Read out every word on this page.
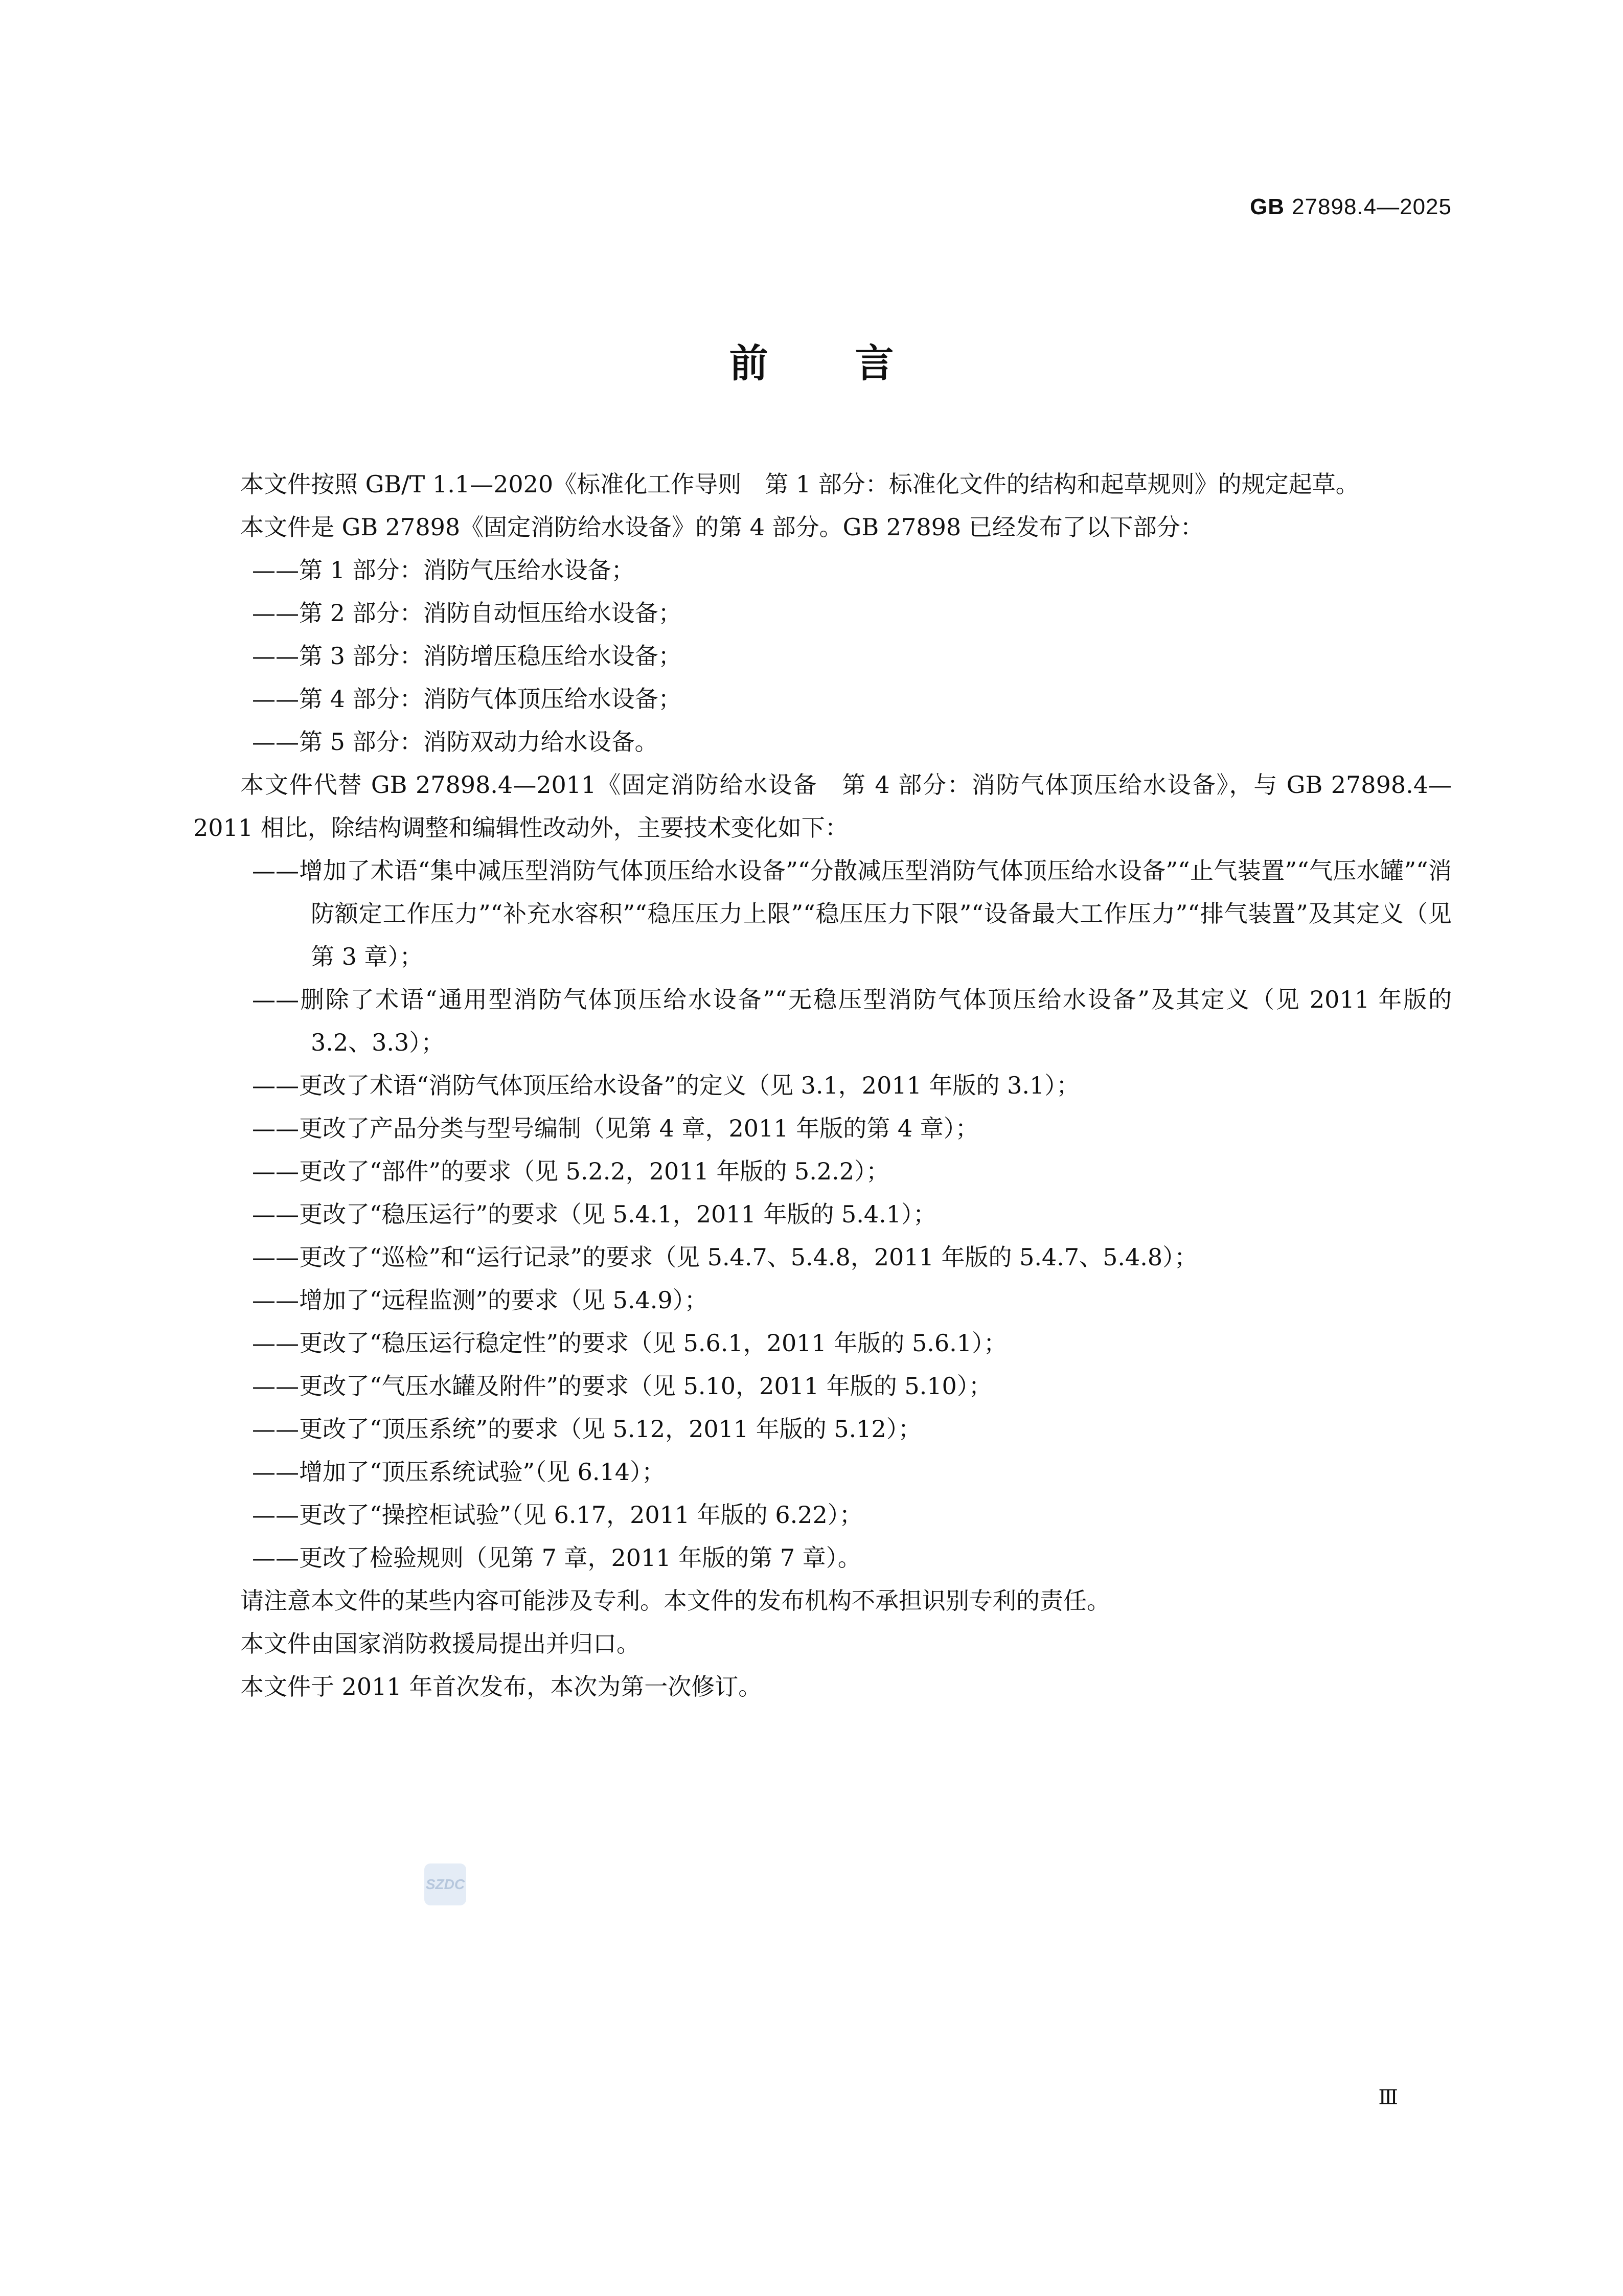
GB 27898.4—2025
前 言

本文件按照 GB/T 1.1—2020《标准化工作导则　第 1 部分：标准化文件的结构和起草规则》的规定起草。

本文件是 GB 27898《固定消防给水设备》的第 4 部分。GB 27898 已经发布了以下部分：

——第 1 部分：消防气压给水设备；

——第 2 部分：消防自动恒压给水设备；

——第 3 部分：消防增压稳压给水设备；

——第 4 部分：消防气体顶压给水设备；

——第 5 部分：消防双动力给水设备。

本文件代替 GB 27898.4—2011《固定消防给水设备　第 4 部分：消防气体顶压给水设备》，与 GB 27898.4—2011 相比，除结构调整和编辑性改动外，主要技术变化如下：

——增加了术语“集中减压型消防气体顶压给水设备”“分散减压型消防气体顶压给水设备”“止气装置”“气压水罐”“消防额定工作压力”“补充水容积”“稳压压力上限”“稳压压力下限”“设备最大工作压力”“排气装置”及其定义（见第 3 章）；

——删除了术语“通用型消防气体顶压给水设备”“无稳压型消防气体顶压给水设备”及其定义（见 2011 年版的 3.2、3.3）；

——更改了术语“消防气体顶压给水设备”的定义（见 3.1，2011 年版的 3.1）；

——更改了产品分类与型号编制（见第 4 章，2011 年版的第 4 章）；

——更改了“部件”的要求（见 5.2.2，2011 年版的 5.2.2）；

——更改了“稳压运行”的要求（见 5.4.1，2011 年版的 5.4.1）；

——更改了“巡检”和“运行记录”的要求（见 5.4.7、5.4.8，2011 年版的 5.4.7、5.4.8）；

——增加了“远程监测”的要求（见 5.4.9）；

——更改了“稳压运行稳定性”的要求（见 5.6.1，2011 年版的 5.6.1）；

——更改了“气压水罐及附件”的要求（见 5.10，2011 年版的 5.10）；

——更改了“顶压系统”的要求（见 5.12，2011 年版的 5.12）；

——增加了“顶压系统试验”（见 6.14）；

——更改了“操控柜试验”（见 6.17，2011 年版的 6.22）；

——更改了检验规则（见第 7 章，2011 年版的第 7 章）。

请注意本文件的某些内容可能涉及专利。本文件的发布机构不承担识别专利的责任。

本文件由国家消防救援局提出并归口。

本文件于 2011 年首次发布，本次为第一次修订。

SZDC
Ⅲ
